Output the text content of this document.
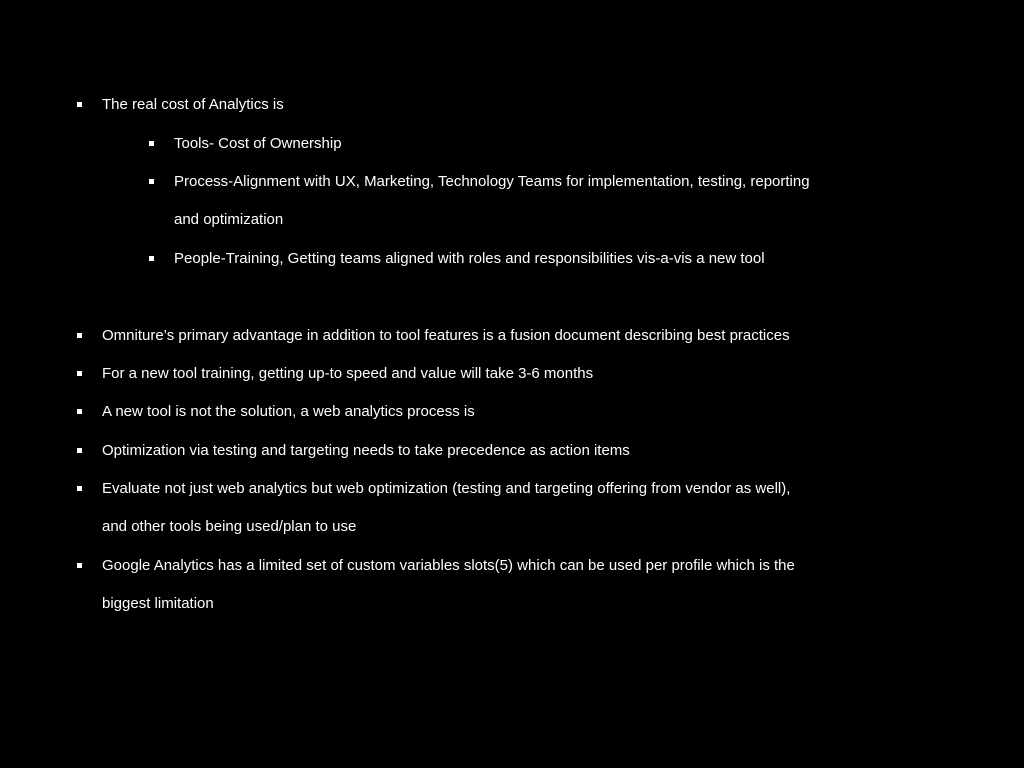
The real cost of Analytics is
Tools- Cost of Ownership
Process-Alignment with UX, Marketing, Technology Teams for implementation, testing, reporting
and optimization
People-Training, Getting teams aligned with roles and responsibilities vis-a-vis a new tool
Omniture’s primary advantage in addition to tool features is a fusion document describing best practices
For a new tool training, getting up-to speed and value will take 3-6 months
A new tool is not the solution, a web analytics process is
Optimization via testing and targeting needs to take precedence as action items
Evaluate not just web analytics but web optimization (testing and targeting offering from vendor as well),
and other tools being used/plan to use
Google Analytics has a limited set of custom variables slots(5) which can be used per profile which is the
biggest limitation
